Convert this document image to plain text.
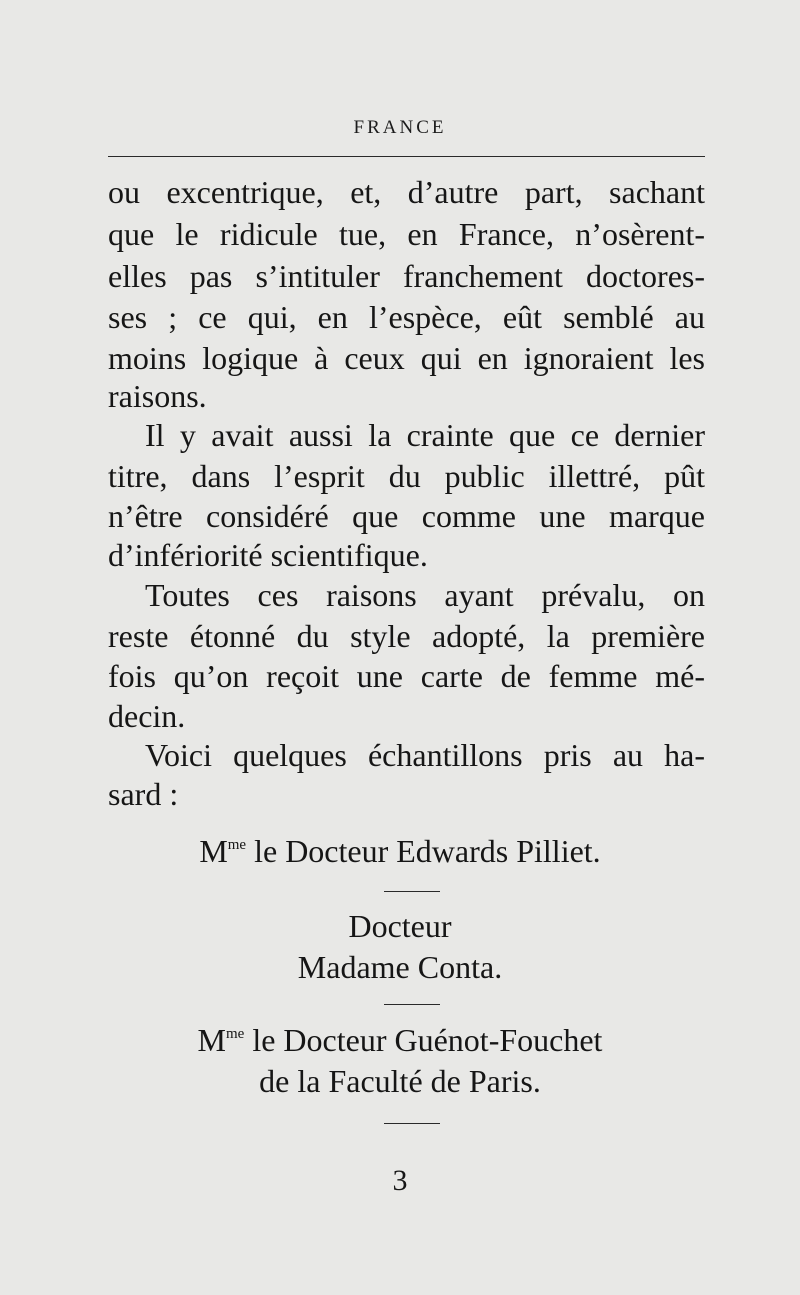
FRANCE
ou excentrique, et, d’autre part, sachant
que le ridicule tue, en France, n’osèrent-
elles pas s’intituler franchement doctores-
ses ; ce qui, en l’espèce, eût semblé au
moins logique à ceux qui en ignoraient les
raisons.
Il y avait aussi la crainte que ce dernier
titre, dans l’esprit du public illettré, pût
n’être considéré que comme une marque
d’infériorité scientifique.
Toutes ces raisons ayant prévalu, on
reste étonné du style adopté, la première
fois qu’on reçoit une carte de femme mé-
decin.
Voici quelques échantillons pris au ha-
sard :
$M^{me}$ le Docteur Edwards Pilliet.
Docteur
Madame Conta.
$M^{me}$ le Docteur Guénot-Fouchet
de la Faculté de Paris.
3
